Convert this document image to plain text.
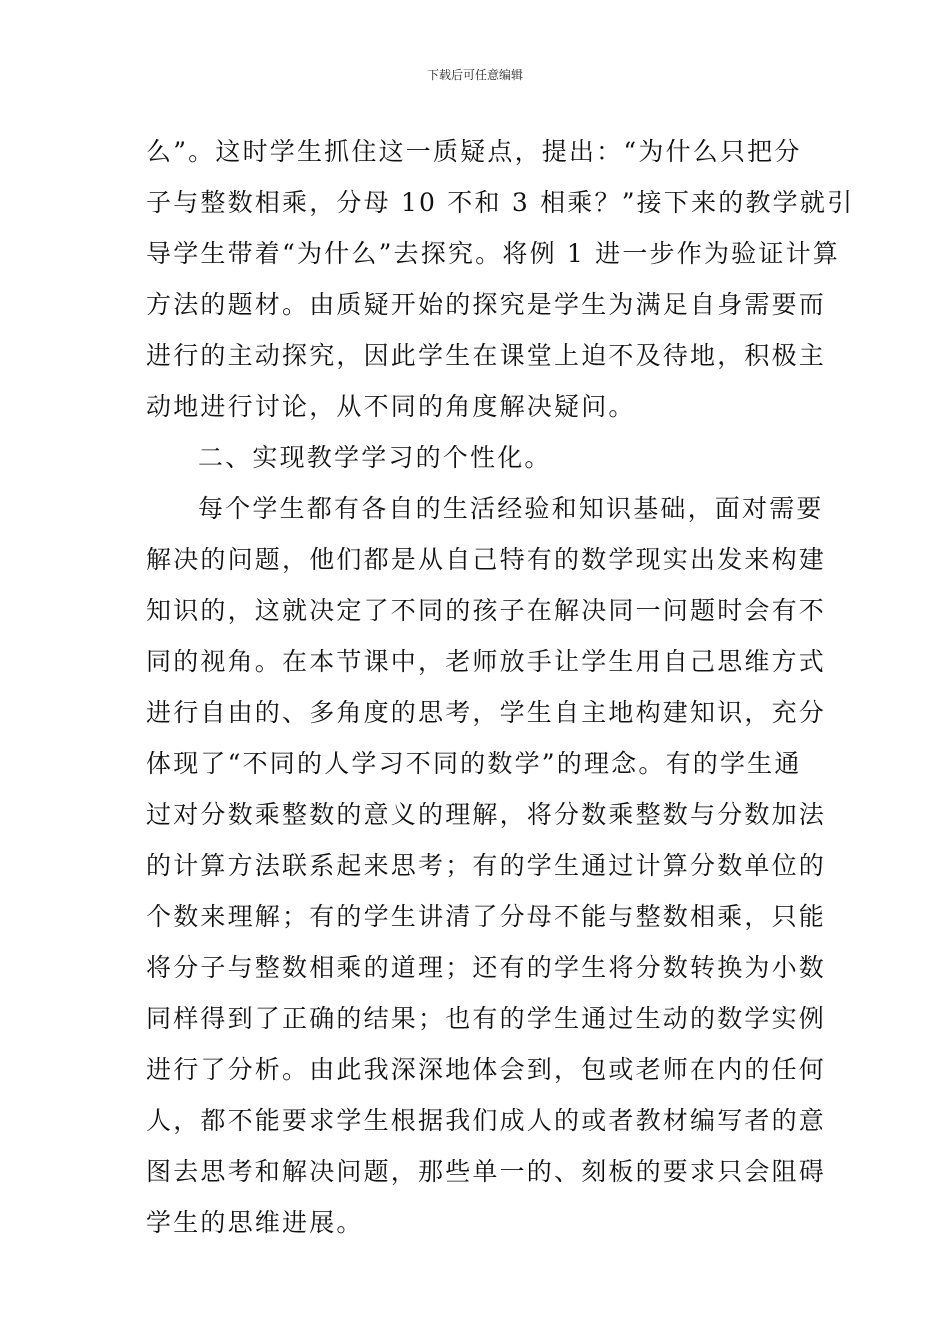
下载后可任意编辑
么”。这时学生抓住这一质疑点，提出：“为什么只把分
子与整数相乘，分母 10 不和 3 相乘？”接下来的教学就引
导学生带着“为什么”去探究。将例 1 进一步作为验证计算
方法的题材。由质疑开始的探究是学生为满足自身需要而
进行的主动探究，因此学生在课堂上迫不及待地，积极主
动地进行讨论，从不同的角度解决疑问。
二、实现教学学习的个性化。
每个学生都有各自的生活经验和知识基础，面对需要
解决的问题，他们都是从自己特有的数学现实出发来构建
知识的，这就决定了不同的孩子在解决同一问题时会有不
同的视角。在本节课中，老师放手让学生用自己思维方式
进行自由的、多角度的思考，学生自主地构建知识，充分
体现了“不同的人学习不同的数学”的理念。有的学生通
过对分数乘整数的意义的理解，将分数乘整数与分数加法
的计算方法联系起来思考；有的学生通过计算分数单位的
个数来理解；有的学生讲清了分母不能与整数相乘，只能
将分子与整数相乘的道理；还有的学生将分数转换为小数
同样得到了正确的结果；也有的学生通过生动的数学实例
进行了分析。由此我深深地体会到，包或老师在内的任何
人，都不能要求学生根据我们成人的或者教材编写者的意
图去思考和解决问题，那些单一的、刻板的要求只会阻碍
学生的思维进展。
